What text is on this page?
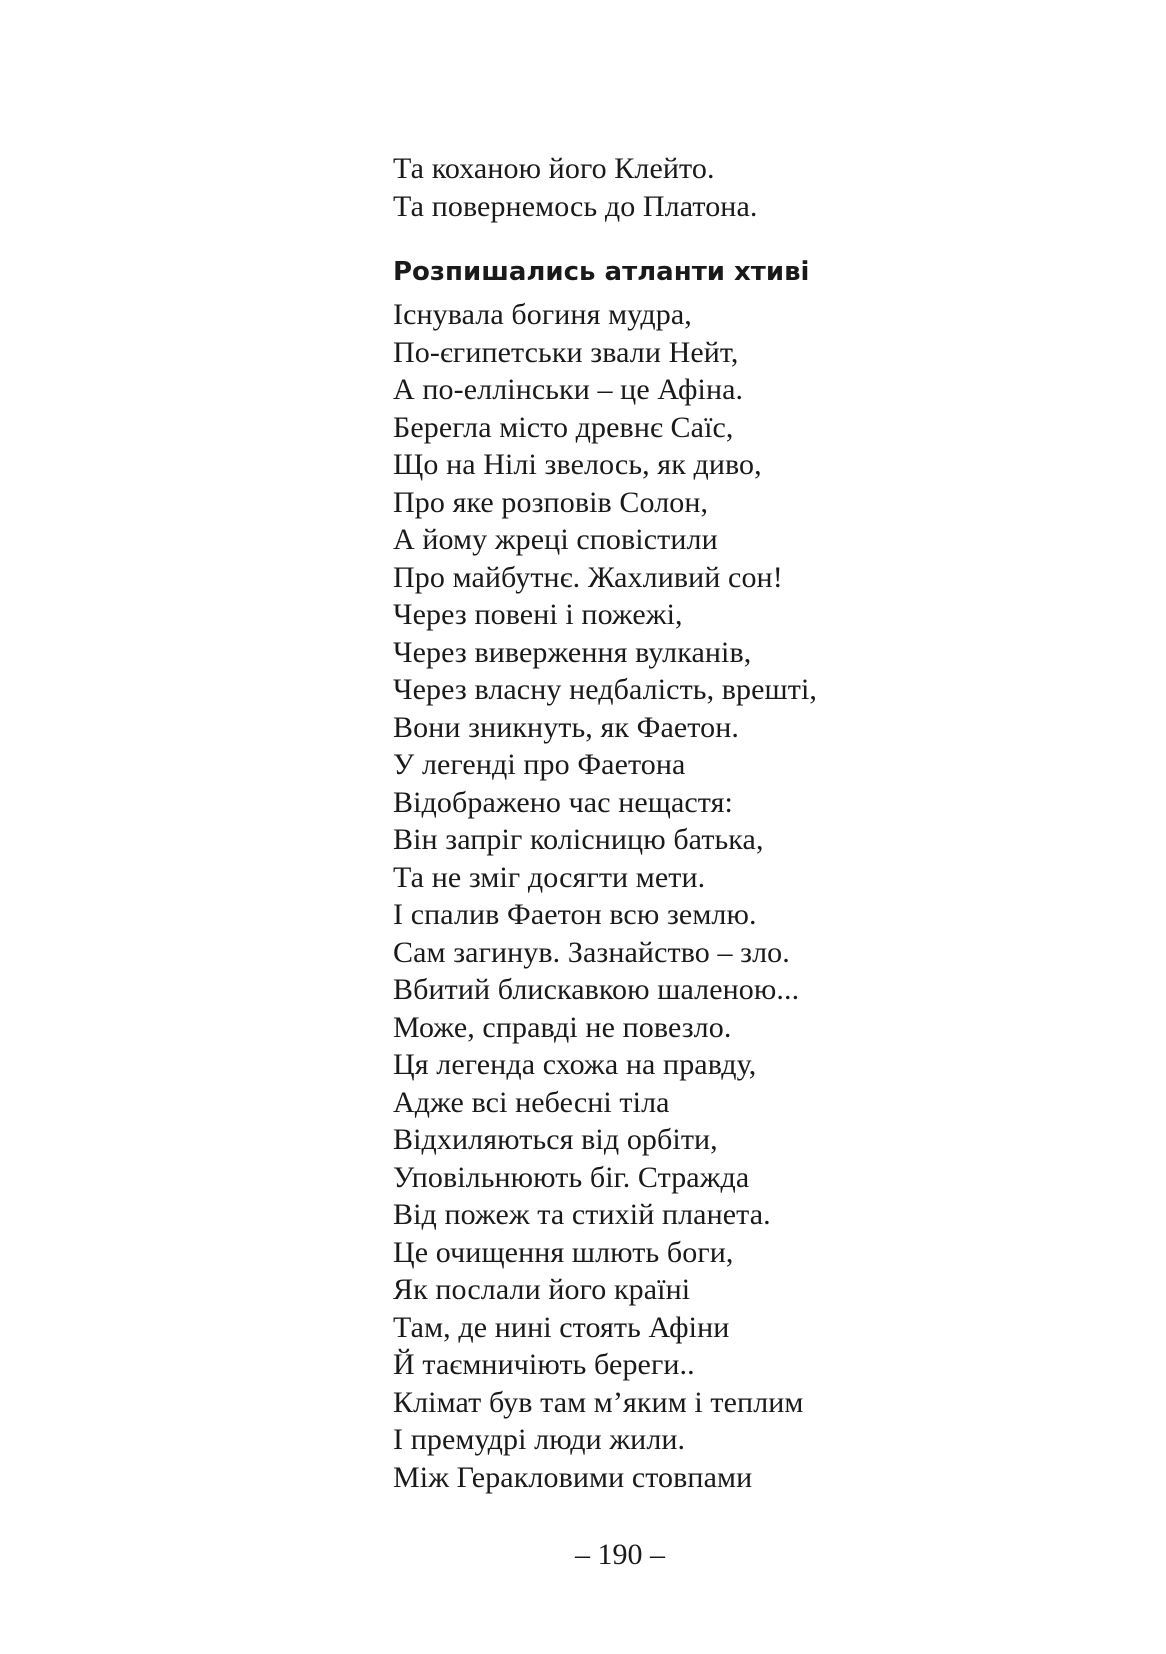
Та коханою його Клейто.
Та повернемось до Платона.
Розпишались атланти хтиві
Існувала богиня мудра,
По-єгипетськи звали Нейт,
А по-еллінськи – це Афіна.
Берегла місто древнє Саїс,
Що на Нілі звелось, як диво,
Про яке розповів Солон,
А йому жреці сповістили
Про майбутнє. Жахливий сон!
Через повені і пожежі,
Через виверження вулканів,
Через власну недбалість, врешті,
Вони зникнуть, як Фаетон.
У легенді про Фаетона
Відображено час нещастя:
Він запріг колісницю батька,
Та не зміг досягти мети.
І спалив Фаетон всю землю.
Сам загинув. Зазнайство – зло.
Вбитий блискавкою шаленою...
Може, справді не повезло.
Ця легенда схожа на правду,
Адже всі небесні тіла
Відхиляються від орбіти,
Уповільнюють біг. Стражда
Від пожеж та стихій планета.
Це очищення шлють боги,
Як послали його країні
Там, де нині стоять Афіни
Й таємничіють береги..
Клімат був там м’яким і теплим
І премудрі люди жили.
Між Геракловими стовпами
– 190 –
